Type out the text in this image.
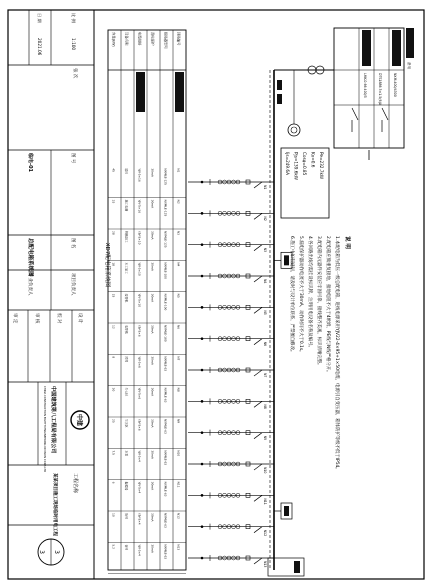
3
3
工程名称
某某项目施工现场临时用电工程
中建
中国建筑第八工程局有限公司
CHINA CONSTRUCTION EIGHTH ENGINEERING DIVISION CORP.,LTD
设 计
校 对
审 核
审 定
项目负责人
专业负责人
图 名
总配电箱系统图
图 号
临电-01
张 次
比 例
1:100
日 期
2021.06
XD7配电箱系统图
回路编号
断路器型号
漏电保护
电缆规格
设备名称
容量(kW)
N1
NXMLE-125
30mA
YJV-5×16
塔吊
45
N2
NXMLE-125
30mA
YJV-5×16
施工电梯
33
N3
NXMLE-125
30mA
YJV-5×10
钢筋加工
28
N4
NXMLE-100
30mA
YJV-5×10
木工加工
18
N5
NXMLE-100
30mA
YJV-5×10
搅拌机
15
N6
NXMLE-100
30mA
YJV-5×6
电焊机
12
N7
NXMLE-63
30mA
YJV-5×6
照明
8
N8
NXMLE-63
30mA
YJV-5×6
办公区
20
N9
NXMLE-63
30mA
YJV-5×6
生活区
25
N10
NXMLE-63
30mA
YJV-5×4
水泵
7.5
N11
NXMLE-63
30mA
YJV-5×4
振捣器
6
N12
NXMLE-63
30mA
YJV-5×4
备用
10
N13
NXMLE-63
30mA
YJV-5×4
备用
5.2
N1
N2
N3
N4
N5
N6
N7
N8
N9
N10
N11
N12
N13
NXM-400/4300
DTS1886 3×1.5(6)A
LMK-0.66 400/5
备用
Pe=232.7kW
Kx=0.6
Cosφ=0.85
Pjs=139.6kW
Ijs=249.6A
说 明
1.本配电箱为低压一级总配电箱，进线电源采用YJV22-4×95+1×50电缆，电源引自变压器，箱体防护等级不低于IP54。
2.配电箱应做重复接地，接地电阻不大于4欧姆，PE线与N线严格分开。
3.配电箱内元器件安装应牢固可靠，接线整齐美观，标识清晰完整。
4.各回路出线均需挂设标识牌，注明用电设备名称及编号。
5.漏电保护器动作电流不大于30mA，动作时间不大于0.1s。
6.施工中如有疑问，请及时与设计单位联系，严禁擅自修改。
